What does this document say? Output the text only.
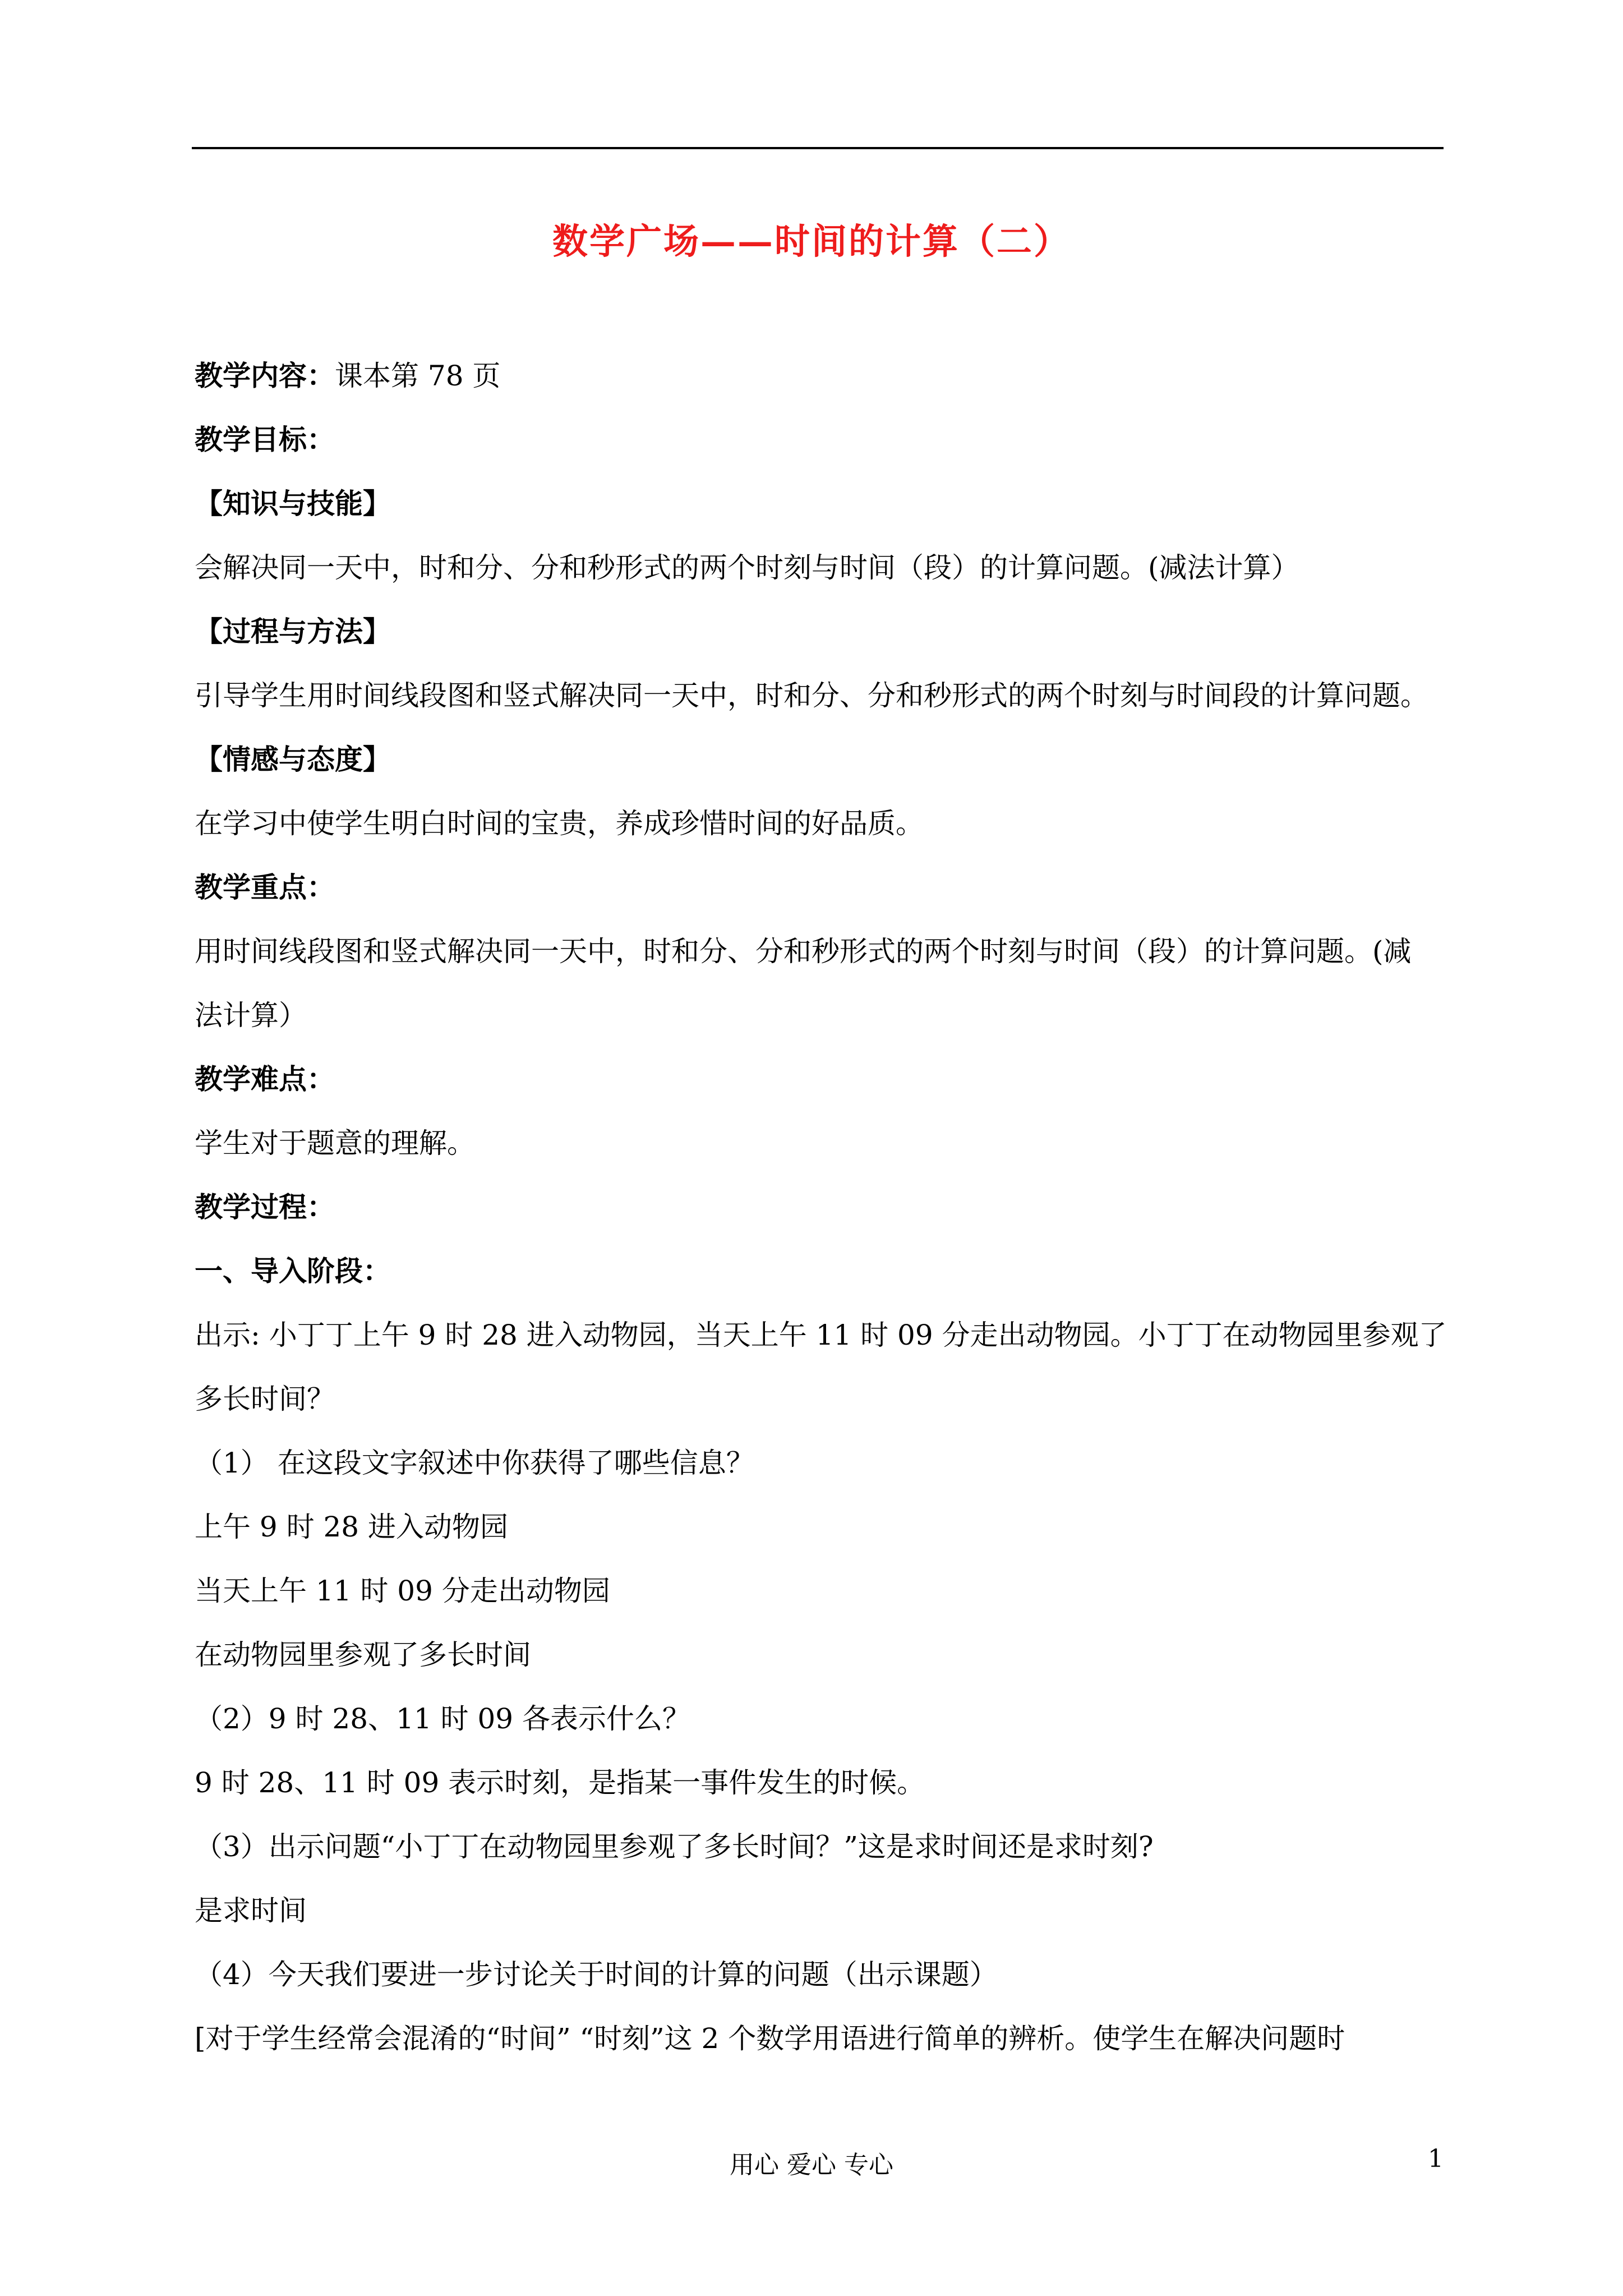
数学广场——时间的计算（二）
教学内容：课本第 78 页
教学目标：
【知识与技能】
会解决同一天中，时和分、分和秒形式的两个时刻与时间（段）的计算问题。(减法计算）
【过程与方法】
引导学生用时间线段图和竖式解决同一天中，时和分、分和秒形式的两个时刻与时间段的计算问题。
【情感与态度】
在学习中使学生明白时间的宝贵，养成珍惜时间的好品质。
教学重点：
用时间线段图和竖式解决同一天中，时和分、分和秒形式的两个时刻与时间（段）的计算问题。(减
法计算）
教学难点：
学生对于题意的理解。
教学过程：
一、导入阶段：
出示: 小丁丁上午 9 时 28 进入动物园，当天上午 11 时 09 分走出动物园。小丁丁在动物园里参观了
多长时间？
（1） 在这段文字叙述中你获得了哪些信息？
上午 9 时 28 进入动物园
当天上午 11 时 09 分走出动物园
在动物园里参观了多长时间
（2）9 时 28、11 时 09 各表示什么？
9 时 28、11 时 09 表示时刻，是指某一事件发生的时候。
（3）出示问题“小丁丁在动物园里参观了多长时间？”这是求时间还是求时刻?
是求时间
（4）今天我们要进一步讨论关于时间的计算的问题（出示课题）
[对于学生经常会混淆的“时间” “时刻”这 2 个数学用语进行简单的辨析。使学生在解决问题时
用心 爱心 专心	1
